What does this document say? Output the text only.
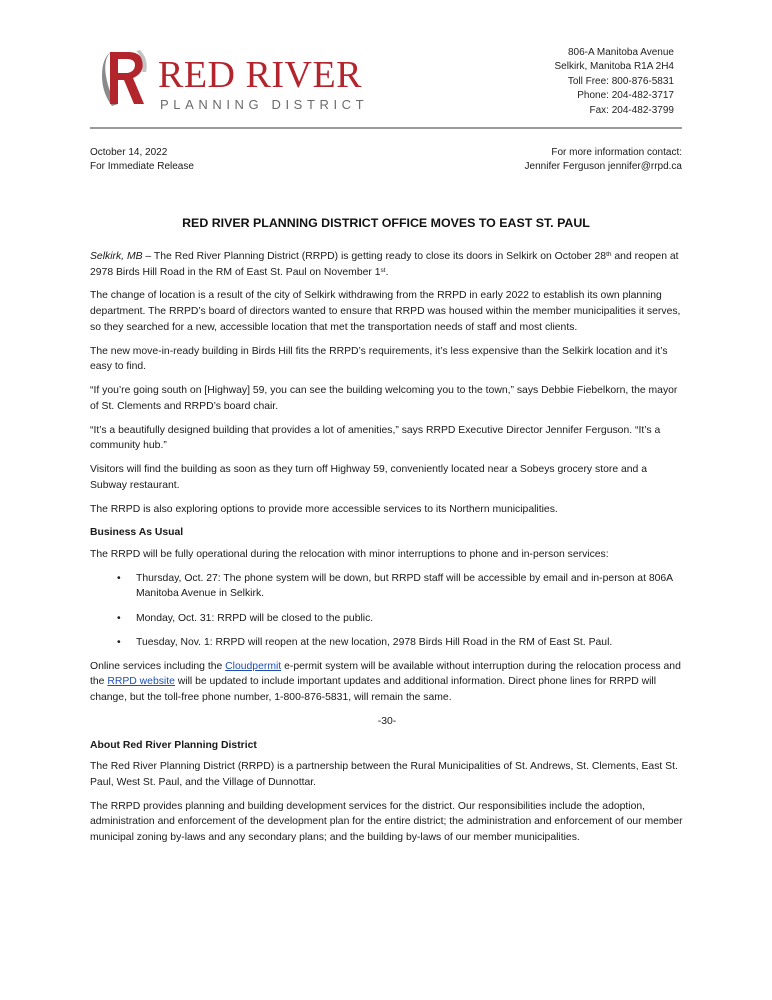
RED RIVER
PLANNING DISTRICT
806-A Manitoba Avenue
Selkirk, Manitoba R1A 2H4
Toll Free: 800-876-5831
Phone: 204-482-3717
Fax: 204-482-3799
October 14, 2022
For Immediate Release
For more information contact:
Jennifer Ferguson jennifer@rrpd.ca
RED RIVER PLANNING DISTRICT OFFICE MOVES TO EAST ST. PAUL

Selkirk, MB – The Red River Planning District (RRPD) is getting ready to close its doors in Selkirk on October 28th and reopen at 2978 Birds Hill Road in the RM of East St. Paul on November 1st.

The change of location is a result of the city of Selkirk withdrawing from the RRPD in early 2022 to establish its own planning department. The RRPD’s board of directors wanted to ensure that RRPD was housed within the member municipalities it serves, so they searched for a new, accessible location that met the transportation needs of staff and most clients.

The new move-in-ready building in Birds Hill fits the RRPD’s requirements, it’s less expensive than the Selkirk location and it’s easy to find.

“If you’re going south on [Highway] 59, you can see the building welcoming you to the town,” says Debbie Fiebelkorn, the mayor of St. Clements and RRPD’s board chair.

“It’s a beautifully designed building that provides a lot of amenities,” says RRPD Executive Director Jennifer Ferguson. “It’s a community hub.”

Visitors will find the building as soon as they turn off Highway 59, conveniently located near a Sobeys grocery store and a Subway restaurant.

The RRPD is also exploring options to provide more accessible services to its Northern municipalities.

Business As Usual

The RRPD will be fully operational during the relocation with minor interruptions to phone and in-person services:

• Thursday, Oct. 27: The phone system will be down, but RRPD staff will be accessible by email and in-person at 806A Manitoba Avenue in Selkirk.
• Monday, Oct. 31: RRPD will be closed to the public.
• Tuesday, Nov. 1: RRPD will reopen at the new location, 2978 Birds Hill Road in the RM of East St. Paul.

Online services including the Cloudpermit e-permit system will be available without interruption during the relocation process and the RRPD website will be updated to include important updates and additional information. Direct phone lines for RRPD will change, but the toll-free phone number, 1-800-876-5831, will remain the same.

-30-

About Red River Planning District

The Red River Planning District (RRPD) is a partnership between the Rural Municipalities of St. Andrews, St. Clements, East St. Paul, West St. Paul, and the Village of Dunnottar.

The RRPD provides planning and building development services for the district. Our responsibilities include the adoption, administration and enforcement of the development plan for the entire district; the administration and enforcement of our member municipal zoning by-laws and any secondary plans; and the building by-laws of our member municipalities.
